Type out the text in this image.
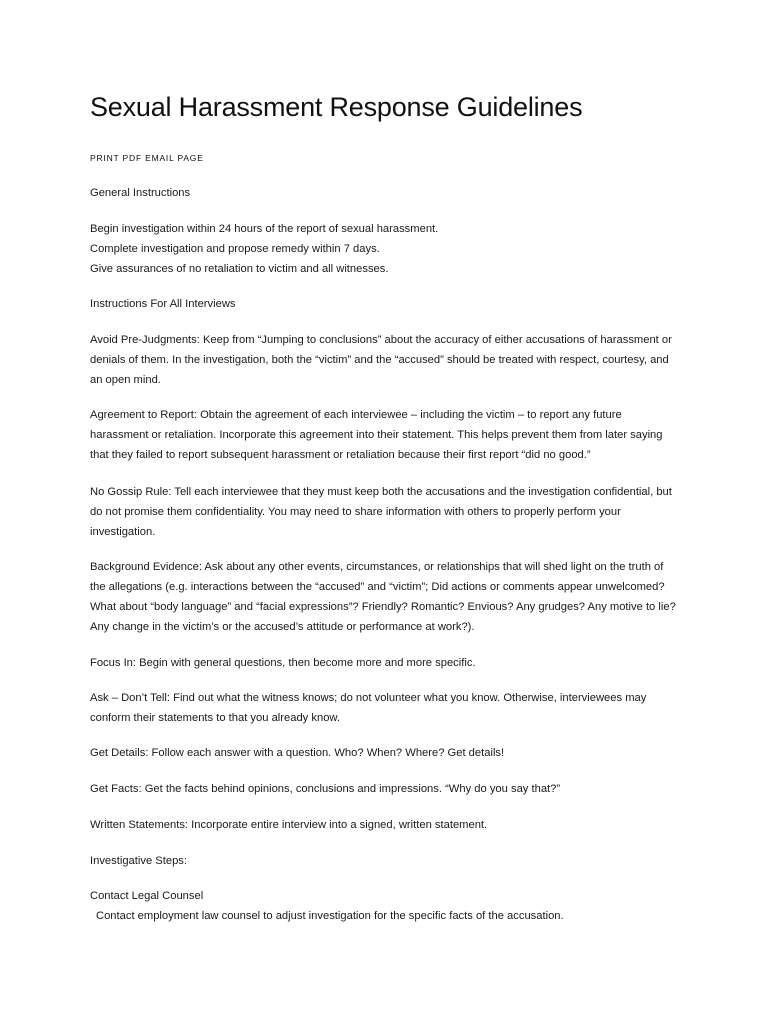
Sexual Harassment Response Guidelines
PRINT PDF EMAIL PAGE

General Instructions

Begin investigation within 24 hours of the report of sexual harassment.

Complete investigation and propose remedy within 7 days.

Give assurances of no retaliation to victim and all witnesses.

Instructions For All Interviews

Avoid Pre-Judgments: Keep from “Jumping to conclusions” about the accuracy of either accusations of harassment or denials of them. In the investigation, both the “victim” and the “accused” should be treated with respect, courtesy, and an open mind.

Agreement to Report: Obtain the agreement of each interviewee – including the victim – to report any future harassment or retaliation. Incorporate this agreement into their statement. This helps prevent them from later saying that they failed to report subsequent harassment or retaliation because their first report “did no good.”

No Gossip Rule: Tell each interviewee that they must keep both the accusations and the investigation confidential, but do not promise them confidentiality. You may need to share information with others to properly perform your investigation.

Background Evidence: Ask about any other events, circumstances, or relationships that will shed light on the truth of the allegations (e.g. interactions between the “accused” and “victim”; Did actions or comments appear unwelcomed? What about “body language” and “facial expressions”? Friendly? Romantic? Envious? Any grudges? Any motive to lie? Any change in the victim’s or the accused’s attitude or performance at work?).

Focus In: Begin with general questions, then become more and more specific.

Ask – Don’t Tell: Find out what the witness knows; do not volunteer what you know. Otherwise, interviewees may conform their statements to that you already know.

Get Details: Follow each answer with a question. Who? When? Where? Get details!

Get Facts: Get the facts behind opinions, conclusions and impressions. “Why do you say that?”

Written Statements: Incorporate entire interview into a signed, written statement.

Investigative Steps:

Contact Legal Counsel

Contact employment law counsel to adjust investigation for the specific facts of the accusation.
